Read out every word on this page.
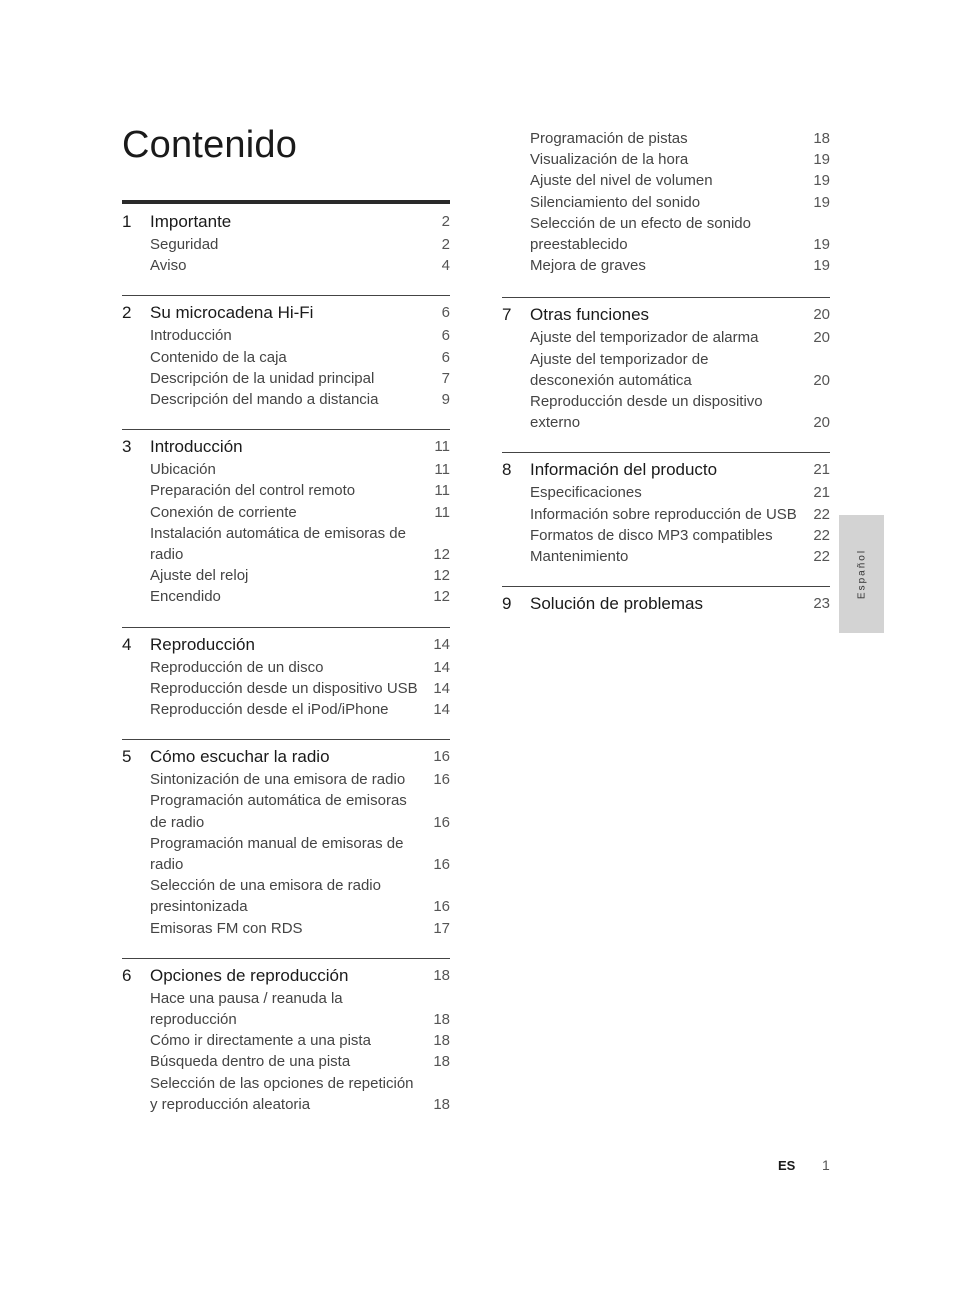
Contenido
1	Importante	2
Seguridad	2
Aviso	4
2	Su microcadena Hi-Fi	6
Introducción	6
Contenido de la caja	6
Descripción de la unidad principal	7
Descripción del mando a distancia	9
3	Introducción	11
Ubicación	11
Preparación del control remoto	11
Conexión de corriente	11
Instalación automática de emisoras de
radio	12
Ajuste del reloj	12
Encendido	12
4	Reproducción	14
Reproducción de un disco	14
Reproducción desde un dispositivo USB	14
Reproducción desde el iPod/iPhone	14
5	Cómo escuchar la radio	16
Sintonización de una emisora de radio	16
Programación automática de emisoras
de radio	16
Programación manual de emisoras de
radio	16
Selección de una emisora de radio
presintonizada	16
Emisoras FM con RDS	17
6	Opciones de reproducción	18
Hace una pausa / reanuda la
reproducción	18
Cómo ir directamente a una pista	18
Búsqueda dentro de una pista	18
Selección de las opciones de repetición
y reproducción aleatoria	18
Programación de pistas	18
Visualización de la hora	19
Ajuste del nivel de volumen	19
Silenciamiento del sonido	19
Selección de un efecto de sonido
preestablecido	19
Mejora de graves	19
7	Otras funciones	20
Ajuste del temporizador de alarma	20
Ajuste del temporizador de
desconexión automática	20
Reproducción desde un dispositivo
externo	20
8	Información del producto	21
Especificaciones	21
Información sobre reproducción de USB	22
Formatos de disco MP3 compatibles	22
Mantenimiento	22
9	Solución de problemas	23
Español
ES 1
